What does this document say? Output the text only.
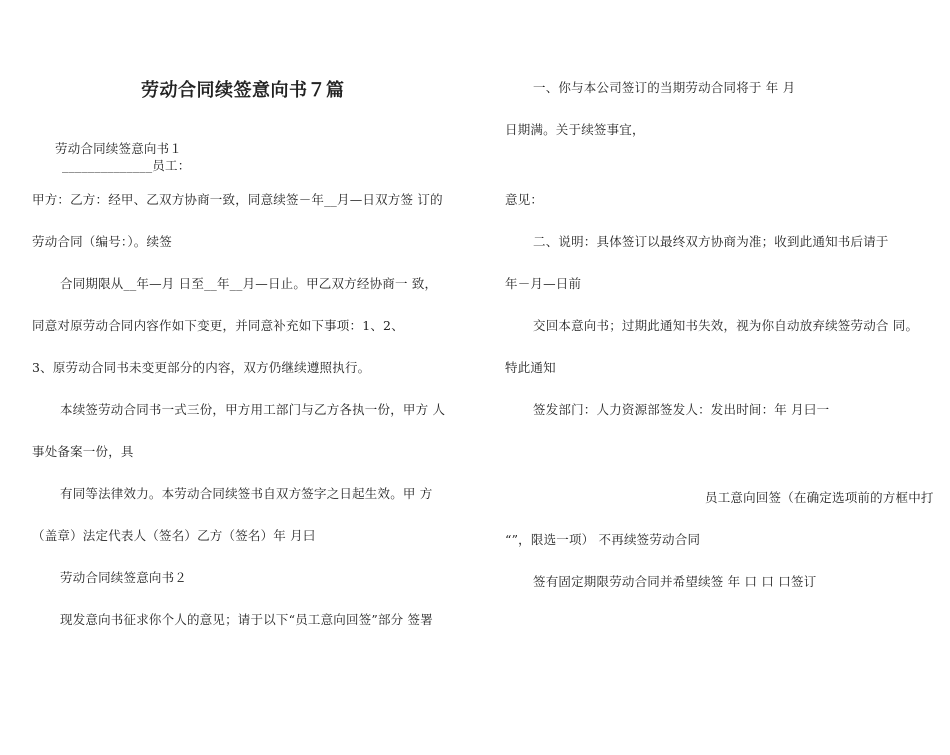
劳动合同续签意向书７篇
劳动合同续签意向书１
______________员工：
甲方：乙方：经甲、乙双方协商一致，同意续签－年__月—日双方签 订的
劳动合同（编号：）。续签
合同期限从__年—月 日至__年__月—日止。甲乙双方经协商一 致，
同意对原劳动合同内容作如下变更，并同意补充如下事项：1、2、
3、原劳动合同书未变更部分的内容，双方仍继续遵照执行。
本续签劳动合同书一式三份，甲方用工部门与乙方各执一份，甲方 人
事处备案一份，具
有同等法律效力。本劳动合同续签书自双方签字之日起生效。甲 方
（盖章）法定代表人（签名）乙方（签名）年 月曰
劳动合同续签意向书２
现发意向书征求你个人的意见；请于以下“员工意向回签”部分 签署
一、你与本公司签订的当期劳动合同将于 年 月
日期满。关于续签事宜，
意见：
二、说明：具体签订以最终双方协商为准；收到此通知书后请于
年－月—日前
交回本意向书；过期此通知书失效，视为你自动放弃续签劳动合 同。
特此通知
签发部门：人力资源部签发人：发出时间：年 月曰一
员工意向回签（在确定选项前的方框中打
“”，限选一项） 不再续签劳动合同
签有固定期限劳动合同并希望续签 年 口 口 口签订
